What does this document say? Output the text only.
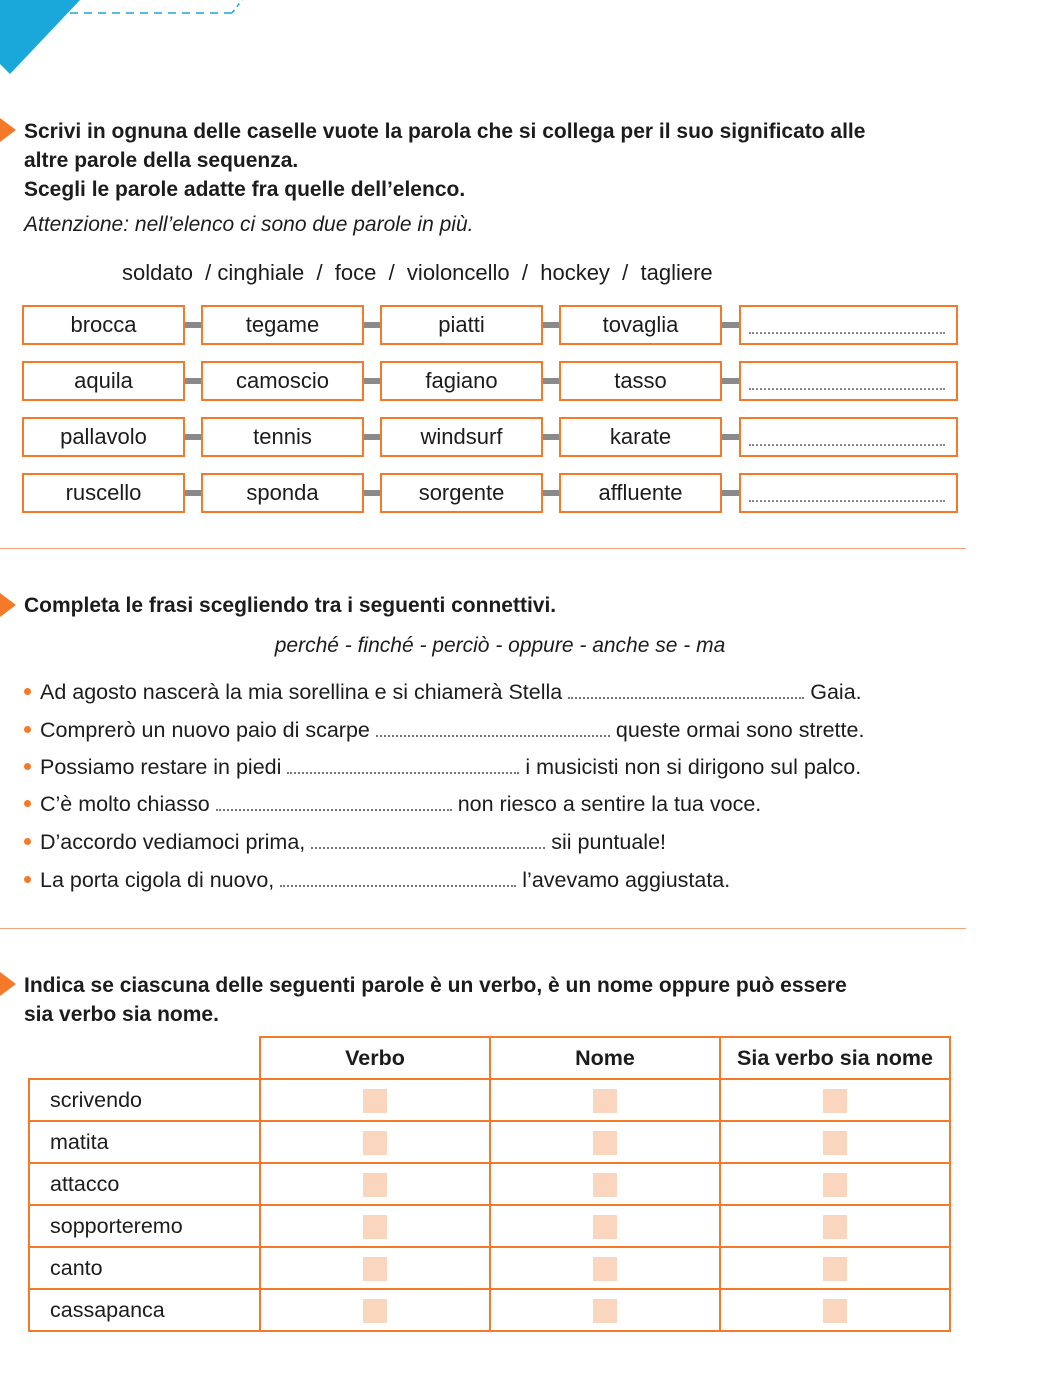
Scrivi in ognuna delle caselle vuote la parola che si collega per il suo significato alle
altre parole della sequenza.
Scegli le parole adatte fra quelle dell’elenco.
Attenzione: nell’elenco ci sono due parole in più.
soldato  / cinghiale  /  foce  /  violoncello  /  hockey  /  tagliere
brocca	tegame	piatti	tovaglia
aquila	camoscio	fagiano	tasso
pallavolo	tennis	windsurf	karate
ruscello	sponda	sorgente	affluente
Completa le frasi scegliendo tra i seguenti connettivi.
perché - finché - perciò - oppure - anche se - ma
Ad agosto nascerà la mia sorellina e si chiamerà Stella	Gaia.
Comprerò un nuovo paio di scarpe	queste ormai sono strette.
Possiamo restare in piedi	i musicisti non si dirigono sul palco.
C’è molto chiasso	non riesco a sentire la tua voce.
D’accordo vediamoci prima,	sii puntuale!
La porta cigola di nuovo,	l’avevamo aggiustata.
Indica se ciascuna delle seguenti parole è un verbo, è un nome oppure può essere
sia verbo sia nome.
	Verbo	Nome	Sia verbo sia nome
scrivendo			
matita			
attacco			
sopporteremo			
canto			
cassapanca			
